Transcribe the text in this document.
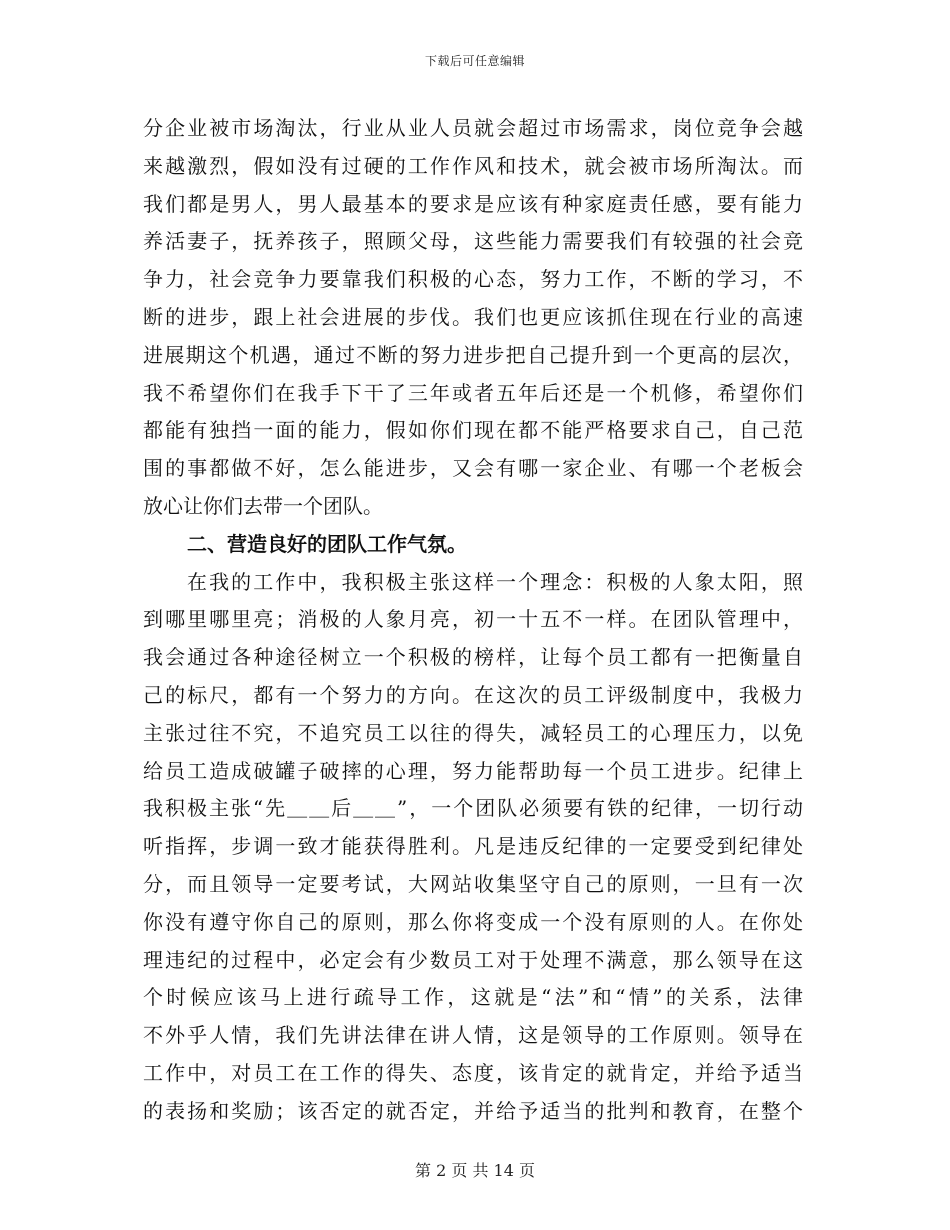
下载后可任意编辑
分企业被市场淘汰，行业从业人员就会超过市场需求，岗位竞争会越
来越激烈，假如没有过硬的工作作风和技术，就会被市场所淘汰。而
我们都是男人，男人最基本的要求是应该有种家庭责任感，要有能力
养活妻子，抚养孩子，照顾父母，这些能力需要我们有较强的社会竞
争力，社会竞争力要靠我们积极的心态，努力工作，不断的学习，不
断的进步，跟上社会进展的步伐。我们也更应该抓住现在行业的高速
进展期这个机遇，通过不断的努力进步把自己提升到一个更高的层次，
我不希望你们在我手下干了三年或者五年后还是一个机修，希望你们
都能有独挡一面的能力，假如你们现在都不能严格要求自己，自己范
围的事都做不好，怎么能进步，又会有哪一家企业、有哪一个老板会
放心让你们去带一个团队。
二、营造良好的团队工作气氛。
在我的工作中，我积极主张这样一个理念：积极的人象太阳，照
到哪里哪里亮；消极的人象月亮，初一十五不一样。在团队管理中，
我会通过各种途径树立一个积极的榜样，让每个员工都有一把衡量自
己的标尺，都有一个努力的方向。在这次的员工评级制度中，我极力
主张过往不究，不追究员工以往的得失，减轻员工的心理压力，以免
给员工造成破罐子破摔的心理，努力能帮助每一个员工进步。纪律上
我积极主张“先＿＿后＿＿”，一个团队必须要有铁的纪律，一切行动
听指挥，步调一致才能获得胜利。凡是违反纪律的一定要受到纪律处
分，而且领导一定要考试，大网站收集坚守自己的原则，一旦有一次
你没有遵守你自己的原则，那么你将变成一个没有原则的人。在你处
理违纪的过程中，必定会有少数员工对于处理不满意，那么领导在这
个时候应该马上进行疏导工作，这就是“法”和“情”的关系，法律
不外乎人情，我们先讲法律在讲人情，这是领导的工作原则。领导在
工作中，对员工在工作的得失、态度，该肯定的就肯定，并给予适当
的表扬和奖励；该否定的就否定，并给予适当的批判和教育，在整个
第 2 页 共 14 页
